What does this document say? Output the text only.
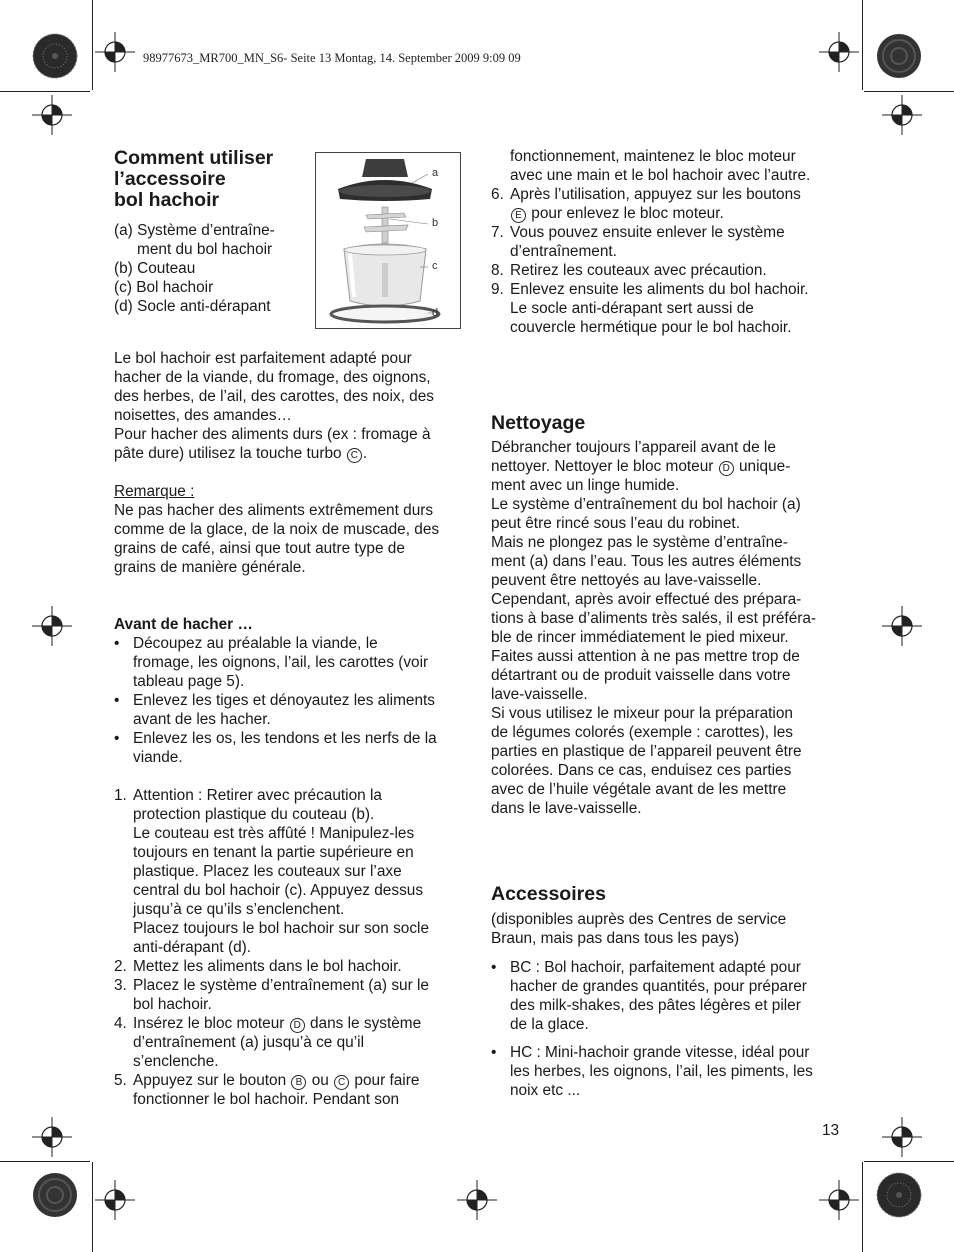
98977673_MR700_MN_S6- Seite 13 Montag, 14. September 2009 9:09 09
Comment utiliser
l’accessoire
bol hachoir

(a) Système d’entraîne-

ment du bol hachoir

(b) Couteau

(c) Bol hachoir

(d) Socle anti-dérapant

a
b
c
d

Le bol hachoir est parfaitement adapté pour

hacher de la viande, du fromage, des oignons,

des herbes, de l’ail, des carottes, des noix, des

noisettes, des amandes…

Pour hacher des aliments durs (ex : fromage à

pâte dure) utilisez la touche turbo C .

Remarque :

Ne pas hacher des aliments extrêmement durs

comme de la glace, de la noix de muscade, des

grains de café, ainsi que tout autre type de

grains de manière générale.

Avant de hacher …

• Découpez au préalable la viande, le

fromage, les oignons, l’ail, les carottes (voir

tableau page 5).

• Enlevez les tiges et dénoyautez les aliments

avant de les hacher.

• Enlevez les os, les tendons et les nerfs de la

viande.

1. Attention : Retirer avec précaution la

protection plastique du couteau (b).

Le couteau est très affûté ! Manipulez-les

toujours en tenant la partie supérieure en

plastique. Placez les couteaux sur l’axe

central du bol hachoir (c). Appuyez dessus

jusqu’à ce qu’ils s’enclenchent.

Placez toujours le bol hachoir sur son socle

anti-dérapant (d).

2. Mettez les aliments dans le bol hachoir.

3. Placez le système d’entraînement (a) sur le

bol hachoir.

4. Insérez le bloc moteur D dans le système

d’entraînement (a) jusqu’à ce qu’il

s’enclenche.

5. Appuyez sur le bouton B ou C pour faire

fonctionner le bol hachoir. Pendant son

fonctionnement, maintenez le bloc moteur

avec une main et le bol hachoir avec l’autre.

6. Après l’utilisation, appuyez sur les boutons

E pour enlevez le bloc moteur.

7. Vous pouvez ensuite enlever le système

d’entraînement.

8. Retirez les couteaux avec précaution.

9. Enlevez ensuite les aliments du bol hachoir.

Le socle anti-dérapant sert aussi de

couvercle hermétique pour le bol hachoir.

Nettoyage

Débrancher toujours l’appareil avant de le

nettoyer. Nettoyer le bloc moteur D unique-

ment avec un linge humide.

Le système d’entraînement du bol hachoir (a)

peut être rincé sous l’eau du robinet.

Mais ne plongez pas le système d’entraîne-

ment (a) dans l’eau. Tous les autres éléments

peuvent être nettoyés au lave-vaisselle.

Cependant, après avoir effectué des prépara-

tions à base d’aliments très salés, il est préféra-

ble de rincer immédiatement le pied mixeur.

Faites aussi attention à ne pas mettre trop de

détartrant ou de produit vaisselle dans votre

lave-vaisselle.

Si vous utilisez le mixeur pour la préparation

de légumes colorés (exemple : carottes), les

parties en plastique de l’appareil peuvent être

colorées. Dans ce cas, enduisez ces parties

avec de l’huile végétale avant de les mettre

dans le lave-vaisselle.

Accessoires

(disponibles auprès des Centres de service

Braun, mais pas dans tous les pays)

• BC : Bol hachoir, parfaitement adapté pour

hacher de grandes quantités, pour préparer

des milk-shakes, des pâtes légères et piler

de la glace.

• HC : Mini-hachoir grande vitesse, idéal pour

les herbes, les oignons, l’ail, les piments, les

noix etc ...

13
